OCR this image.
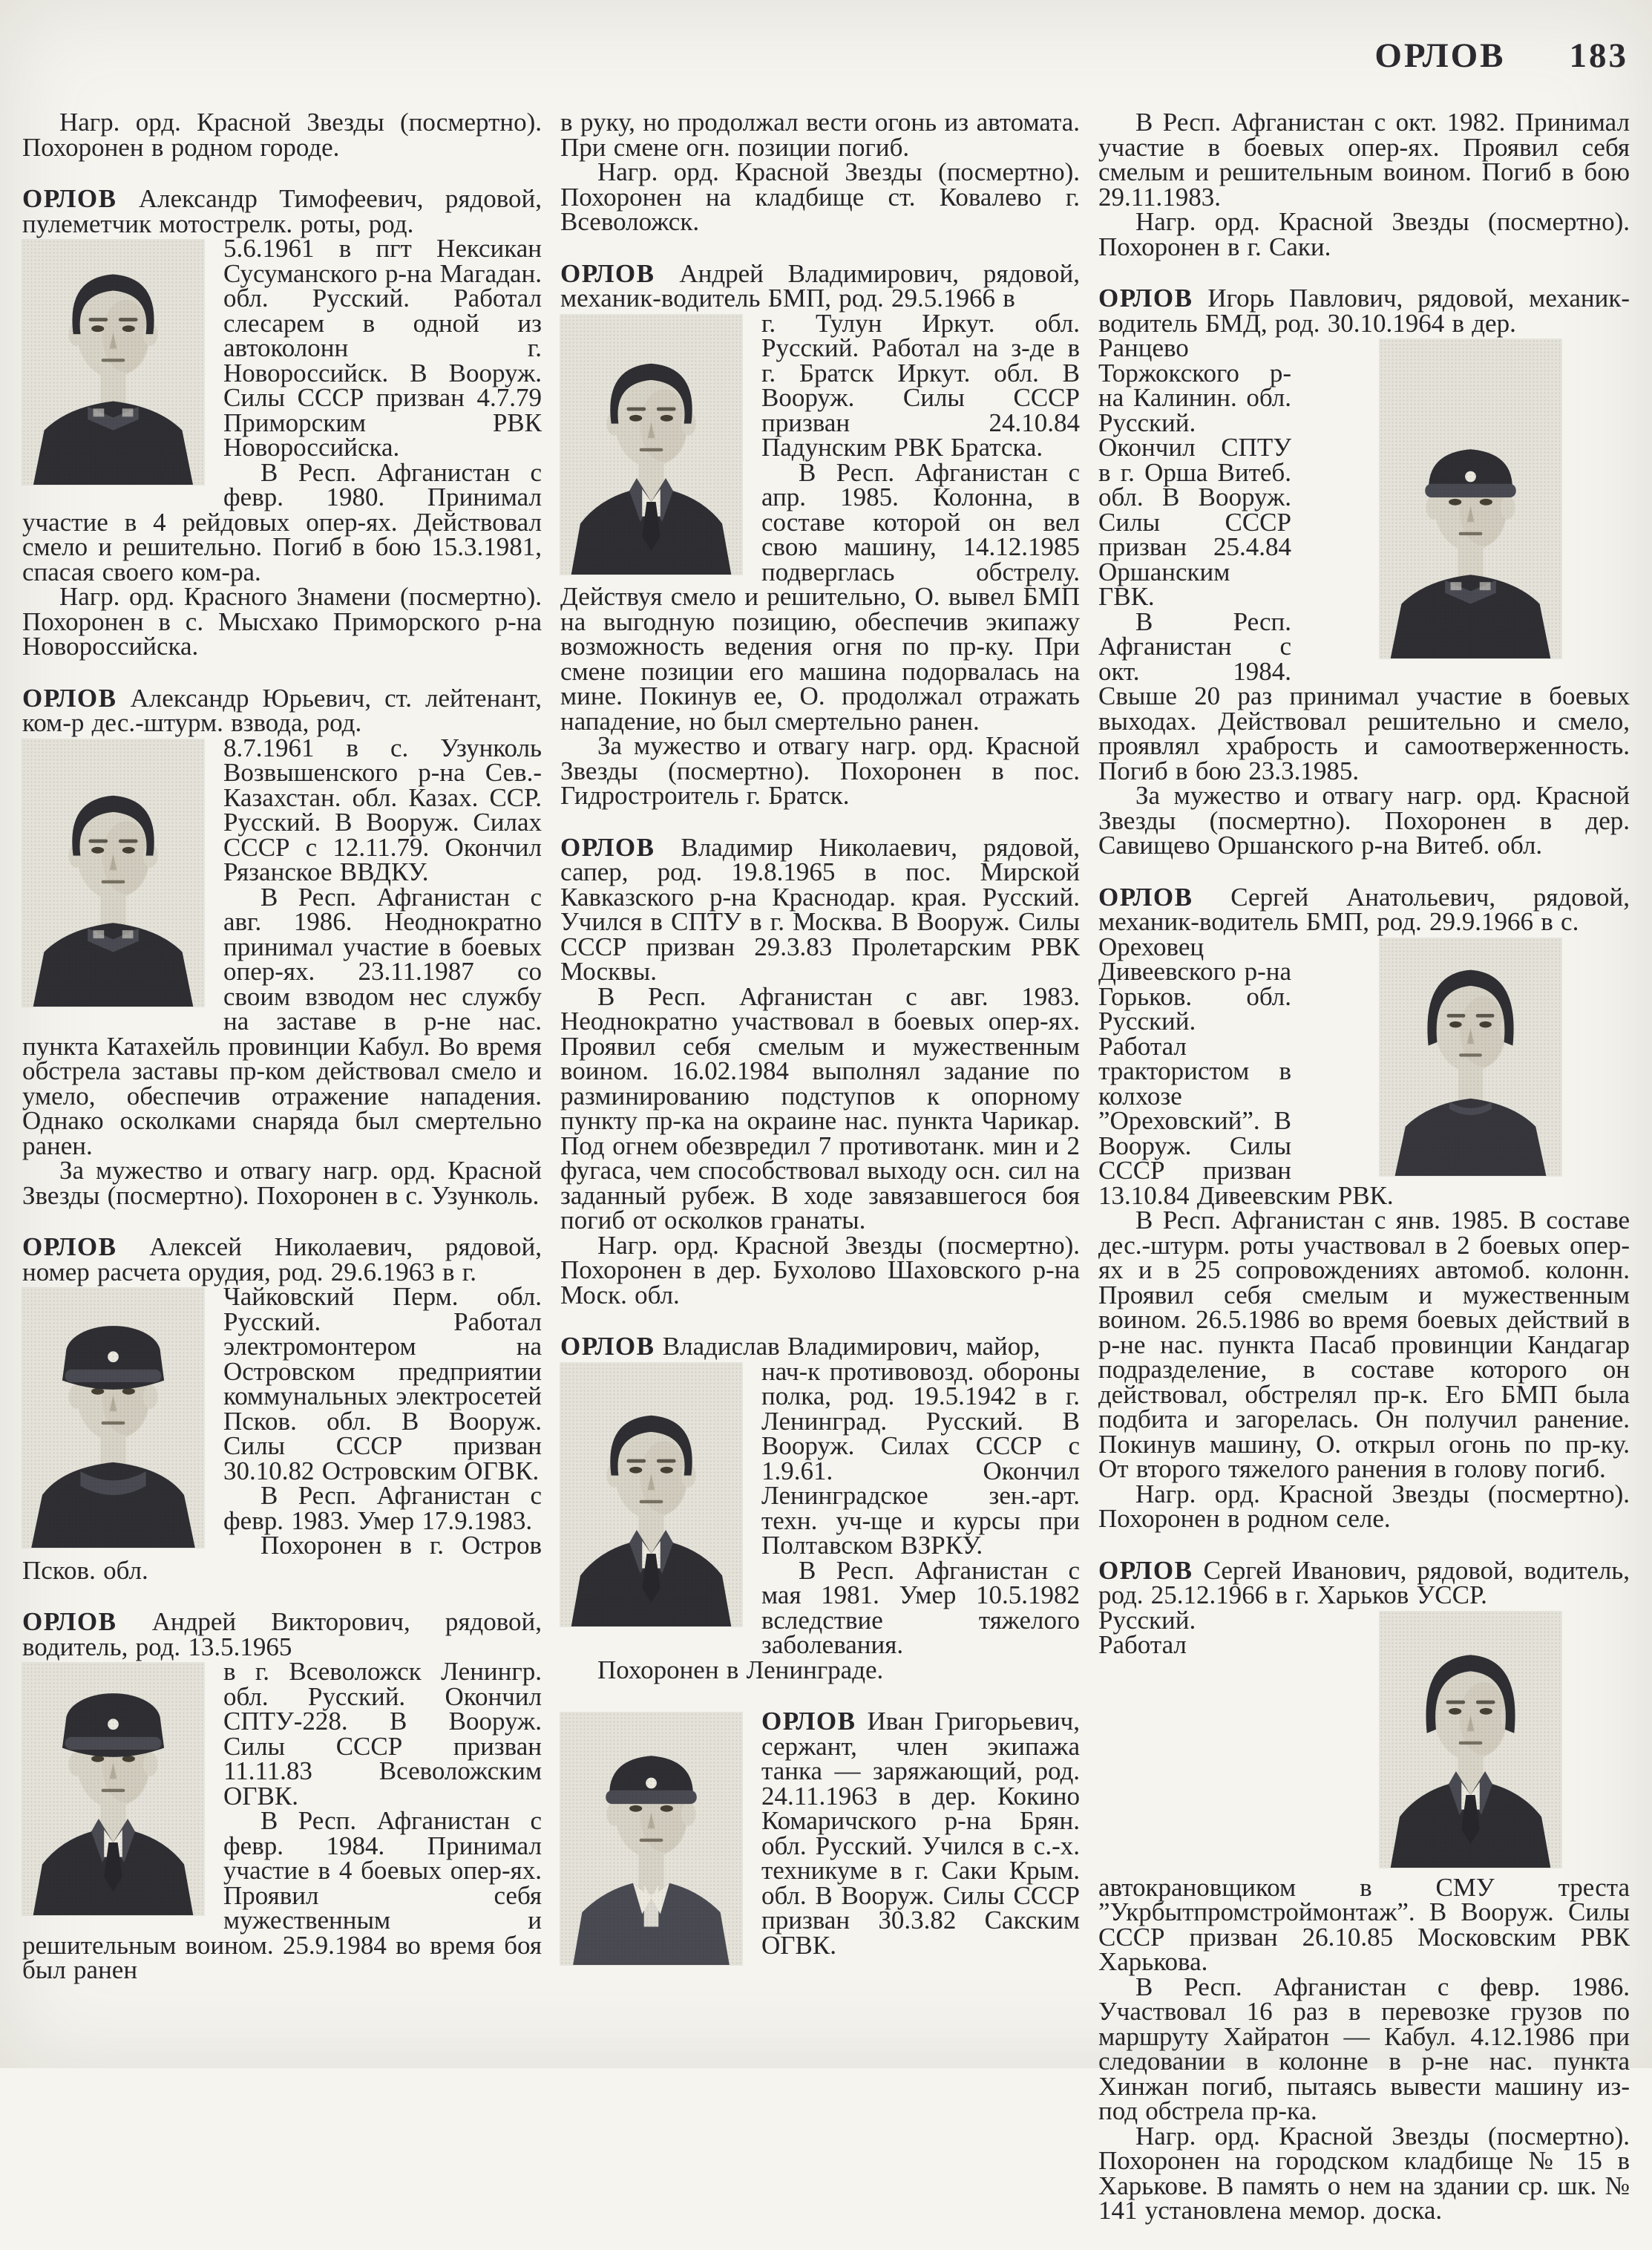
ОРЛОВ 183

Нагр. орд. Красной Звезды (посмертно). Похоронен в родном городе.

ОРЛОВ Александр Тимофеевич, рядовой, пулеметчик мотострелк. роты, род.

5.6.1961 в пгт Нексикан Сусуманского р-на Магадан. обл. Русский. Работал слесарем в одной из автоколонн г. Новороссийск. В Вооруж. Силы СССР призван 4.7.79 Приморским РВК Новороссийска.

В Респ. Афганистан с февр. 1980. Принимал участие в 4 рейдовых опер-ях. Действовал смело и решительно. Погиб в бою 15.3.1981, спасая своего ком-ра.

Нагр. орд. Красного Знамени (посмертно). Похоронен в с. Мысхако Приморского р-на Новороссийска.

ОРЛОВ Александр Юрьевич, ст. лейтенант, ком-р дес.-штурм. взвода, род.

8.7.1961 в с. Узунколь Возвышенского р-на Сев.-Казахстан. обл. Казах. ССР. Русский. В Вооруж. Силах СССР с 12.11.79. Окончил Рязанское ВВДКУ.

В Респ. Афганистан с авг. 1986. Неоднократно принимал участие в боевых опер-ях. 23.11.1987 со своим взводом нес службу на заставе в р-не нас. пункта Катахейль провинции Кабул. Во время обстрела заставы пр-ком действовал смело и умело, обеспечив отражение нападения. Однако осколками снаряда был смертельно ранен.

За мужество и отвагу нагр. орд. Красной Звезды (посмертно). Похоронен в с. Узунколь.

ОРЛОВ Алексей Николаевич, рядовой, номер расчета орудия, род. 29.6.1963 в г.

Чайковский Перм. обл. Русский. Работал электромонтером на Островском предприятии коммунальных электросетей Псков. обл. В Вооруж. Силы СССР призван 30.10.82 Островским ОГВК.

В Респ. Афганистан с февр. 1983. Умер 17.9.1983.

Похоронен в г. Остров Псков. обл.

ОРЛОВ Андрей Викторович, рядовой, водитель, род. 13.5.1965

в г. Всеволожск Ленингр. обл. Русский. Окончил СПТУ-228. В Вооруж. Силы СССР призван 11.11.83 Всеволожским ОГВК.

В Респ. Афганистан с февр. 1984. Принимал участие в 4 боевых опер-ях. Проявил себя мужественным и решительным воином. 25.9.1984 во время боя был ранен

в руку, но продолжал вести огонь из автомата. При смене огн. позиции погиб.

Нагр. орд. Красной Звезды (посмертно). Похоронен на кладбище ст. Ковалево г. Всеволожск.

ОРЛОВ Андрей Владимирович, рядовой, механик-водитель БМП, род. 29.5.1966 в

г. Тулун Иркут. обл. Русский. Работал на з-де в г. Братск Иркут. обл. В Вооруж. Силы СССР призван 24.10.84 Падунским РВК Братска.

В Респ. Афганистан с апр. 1985. Колонна, в составе которой он вел свою машину, 14.12.1985 подверглась обстрелу. Действуя смело и решительно, О. вывел БМП на выгодную позицию, обеспечив экипажу возможность ведения огня по пр-ку. При смене позиции его машина подорвалась на мине. Покинув ее, О. продолжал отражать нападение, но был смертельно ранен.

За мужество и отвагу нагр. орд. Красной Звезды (посмертно). Похоронен в пос. Гидростроитель г. Братск.

ОРЛОВ Владимир Николаевич, рядовой, сапер, род. 19.8.1965 в пос. Мирской Кавказского р-на Краснодар. края. Русский. Учился в СПТУ в г. Москва. В Вооруж. Силы СССР призван 29.3.83 Пролетарским РВК Москвы.

В Респ. Афганистан с авг. 1983. Неоднократно участвовал в боевых опер-ях. Проявил себя смелым и мужественным воином. 16.02.1984 выполнял задание по разминированию подступов к опорному пункту пр-ка на окраине нас. пункта Чарикар. Под огнем обезвредил 7 противотанк. мин и 2 фугаса, чем способствовал выходу осн. сил на заданный рубеж. В ходе завязавшегося боя погиб от осколков гранаты.

Нагр. орд. Красной Звезды (посмертно). Похоронен в дер. Бухолово Шаховского р-на Моск. обл.

ОРЛОВ Владислав Владимирович, майор,

нач-к противовозд. обороны полка, род. 19.5.1942 в г. Ленинград. Русский. В Вооруж. Силах СССР с 1.9.61. Окончил Ленинградское зен.-арт. техн. уч-ще и курсы при Полтавском ВЗРКУ.

В Респ. Афганистан с мая 1981. Умер 10.5.1982 вследствие тяжелого заболевания.

Похоронен в Ленинграде.

ОРЛОВ Иван Григорьевич, сержант, член экипажа танка — заряжающий, род. 24.11.1963 в дер. Кокино Комаричского р-на Брян. обл. Русский. Учился в с.-х. техникуме в г. Саки Крым. обл. В Вооруж. Силы СССР призван 30.3.82 Сакским ОГВК.

В Респ. Афганистан с окт. 1982. Принимал участие в боевых опер-ях. Проявил себя смелым и решительным воином. Погиб в бою 29.11.1983.

Нагр. орд. Красной Звезды (посмертно). Похоронен в г. Саки.

ОРЛОВ Игорь Павлович, рядовой, механик-водитель БМД, род. 30.10.1964 в дер.

Ранцево Торжокского р-на Калинин. обл. Русский. Окончил СПТУ в г. Орша Витеб. обл. В Вооруж. Силы СССР призван 25.4.84 Оршанским ГВК.

В Респ. Афганистан с окт. 1984. Свыше 20 раз принимал участие в боевых выходах. Действовал решительно и смело, проявлял храбрость и самоотверженность. Погиб в бою 23.3.1985.

За мужество и отвагу нагр. орд. Красной Звезды (посмертно). Похоронен в дер. Савищево Оршанского р-на Витеб. обл.

ОРЛОВ Сергей Анатольевич, рядовой, механик-водитель БМП, род. 29.9.1966 в с.

Ореховец Дивеевского р-на Горьков. обл. Русский. Работал трактористом в колхозе ”Ореховский”. В Вооруж. Силы СССР призван 13.10.84 Дивеевским РВК.

В Респ. Афганистан с янв. 1985. В составе дес.-штурм. роты участвовал в 2 боевых опер-ях и в 25 сопровождениях автомоб. колонн. Проявил себя смелым и мужественным воином. 26.5.1986 во время боевых действий в р-не нас. пункта Пасаб провинции Кандагар подразделение, в составе которого он действовал, обстрелял пр-к. Его БМП была подбита и загорелась. Он получил ранение. Покинув машину, О. открыл огонь по пр-ку. От второго тяжелого ранения в голову погиб.

Нагр. орд. Красной Звезды (посмертно). Похоронен в родном селе.

ОРЛОВ Сергей Иванович, рядовой, водитель, род. 25.12.1966 в г. Харьков УССР.

Русский. Работал автокрановщиком в СМУ треста ”Укрбытпромстроймонтаж”. В Вооруж. Силы СССР призван 26.10.85 Московским РВК Харькова.

В Респ. Афганистан с февр. 1986. Участвовал 16 раз в перевозке грузов по маршруту Хайратон — Кабул. 4.12.1986 при следовании в колонне в р-не нас. пункта Хинжан погиб, пытаясь вывести машину из-под обстрела пр-ка.

Нагр. орд. Красной Звезды (посмертно). Похоронен на городском кладбище № 15 в Харькове. В память о нем на здании ср. шк. № 141 установлена мемор. доска.
